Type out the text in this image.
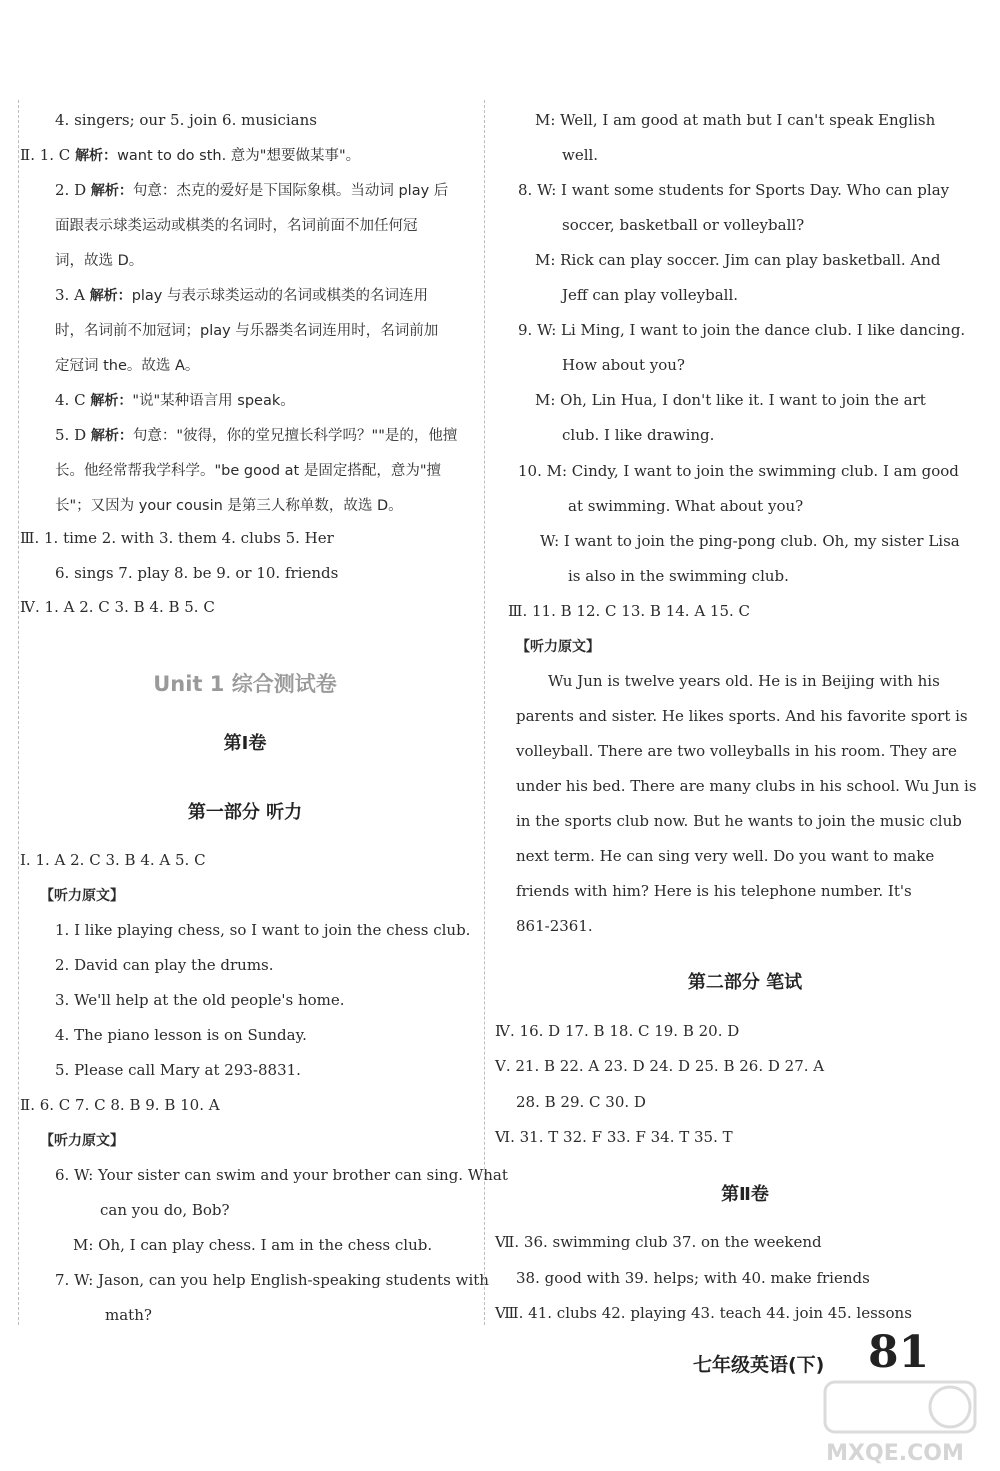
4. singers; our 5. join 6. musicians
Ⅱ. 1. C 解析：want to do sth. 意为"想要做某事"。
2. D 解析：句意：杰克的爱好是下国际象棋。当动词 play 后
面跟表示球类运动或棋类的名词时，名词前面不加任何冠
词，故选 D。
3. A 解析：play 与表示球类运动的名词或棋类的名词连用
时，名词前不加冠词；play 与乐器类名词连用时，名词前加
定冠词 the。故选 A。
4. C 解析："说"某种语言用 speak。
5. D 解析：句意："彼得，你的堂兄擅长科学吗？""是的，他擅
长。他经常帮我学科学。"be good at 是固定搭配，意为"擅
长"；又因为 your cousin 是第三人称单数，故选 D。
Ⅲ. 1. time 2. with 3. them 4. clubs 5. Her
6. sings 7. play 8. be 9. or 10. friends
Ⅳ. 1. A 2. C 3. B 4. B 5. C
Unit 1 综合测试卷
第Ⅰ卷
第一部分 听力
Ⅰ. 1. A 2. C 3. B 4. A 5. C
【听力原文】
1. I like playing chess, so I want to join the chess club.
2. David can play the drums.
3. We'll help at the old people's home.
4. The piano lesson is on Sunday.
5. Please call Mary at 293-8831.
Ⅱ. 6. C 7. C 8. B 9. B 10. A
【听力原文】
6. W: Your sister can swim and your brother can sing. What
can you do, Bob?
M: Oh, I can play chess. I am in the chess club.
7. W: Jason, can you help English-speaking students with
math?
M: Well, I am good at math but I can't speak English
well.
8. W: I want some students for Sports Day. Who can play
soccer, basketball or volleyball?
M: Rick can play soccer. Jim can play basketball. And
Jeff can play volleyball.
9. W: Li Ming, I want to join the dance club. I like dancing.
How about you?
M: Oh, Lin Hua, I don't like it. I want to join the art
club. I like drawing.
10. M: Cindy, I want to join the swimming club. I am good
at swimming. What about you?
W: I want to join the ping-pong club. Oh, my sister Lisa
is also in the swimming club.
Ⅲ. 11. B 12. C 13. B 14. A 15. C
【听力原文】
Wu Jun is twelve years old. He is in Beijing with his
parents and sister. He likes sports. And his favorite sport is
volleyball. There are two volleyballs in his room. They are
under his bed. There are many clubs in his school. Wu Jun is
in the sports club now. But he wants to join the music club
next term. He can sing very well. Do you want to make
friends with him? Here is his telephone number. It's
861-2361.
第二部分 笔试
Ⅳ. 16. D 17. B 18. C 19. B 20. D
Ⅴ. 21. B 22. A 23. D 24. D 25. B 26. D 27. A
28. B 29. C 30. D
Ⅵ. 31. T 32. F 33. F 34. T 35. T
第Ⅱ卷
Ⅶ. 36. swimming club 37. on the weekend
38. good with 39. helps; with 40. make friends
Ⅷ. 41. clubs 42. playing 43. teach 44. join 45. lessons
七年级英语(下) 81
MXQE.COM
